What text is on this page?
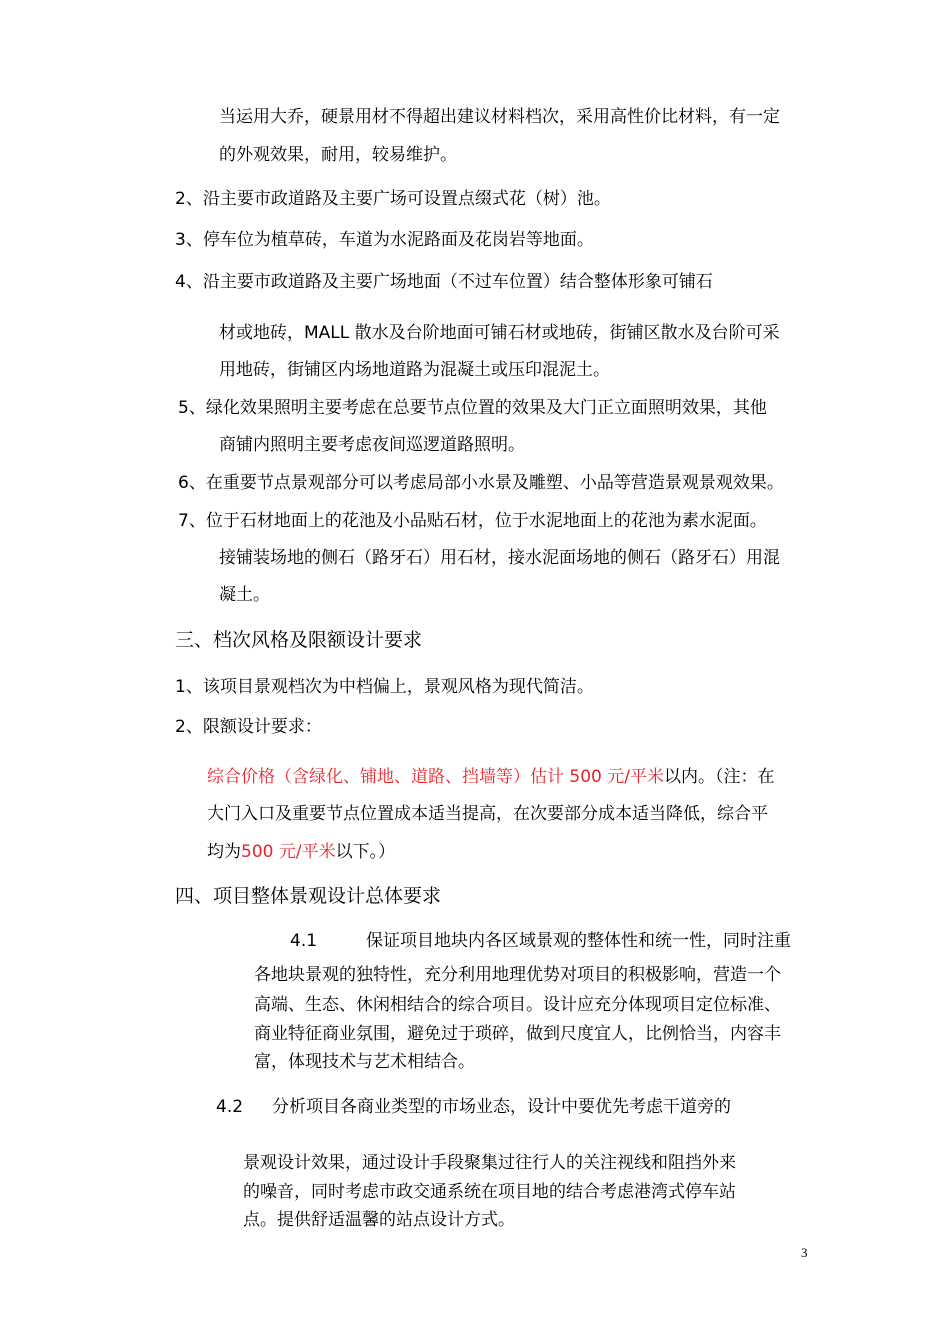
当运用大乔，硬景用材不得超出建议材料档次，采用高性价比材料，有一定
的外观效果，耐用，较易维护。
2、沿主要市政道路及主要广场可设置点缀式花（树）池。
3、停车位为植草砖，车道为水泥路面及花岗岩等地面。
4、沿主要市政道路及主要广场地面（不过车位置）结合整体形象可铺石
材或地砖，MALL 散水及台阶地面可铺石材或地砖，街铺区散水及台阶可采
用地砖，街铺区内场地道路为混凝土或压印混泥土。
5、绿化效果照明主要考虑在总要节点位置的效果及大门正立面照明效果，其他
商铺内照明主要考虑夜间巡逻道路照明。
6、在重要节点景观部分可以考虑局部小水景及雕塑、小品等营造景观景观效果。
7、位于石材地面上的花池及小品贴石材，位于水泥地面上的花池为素水泥面。
接铺装场地的侧石（路牙石）用石材，接水泥面场地的侧石（路牙石）用混
凝土。
三、档次风格及限额设计要求
1、该项目景观档次为中档偏上，景观风格为现代简洁。
2、限额设计要求：
综合价格（含绿化、铺地、道路、挡墙等）估计 500 元/平米以内。（注：在
大门入口及重要节点位置成本适当提高，在次要部分成本适当降低，综合平
均为500 元/平米以下。）
四、项目整体景观设计总体要求
4.1	保证项目地块内各区域景观的整体性和统一性，同时注重
各地块景观的独特性，充分利用地理优势对项目的积极影响，营造一个
高端、生态、休闲相结合的综合项目。设计应充分体现项目定位标准、
商业特征商业氛围，避免过于琐碎，做到尺度宜人，比例恰当，内容丰
富，体现技术与艺术相结合。
4.2 分析项目各商业类型的市场业态，设计中要优先考虑干道旁的
景观设计效果，通过设计手段聚集过往行人的关注视线和阻挡外来
的噪音，同时考虑市政交通系统在项目地的结合考虑港湾式停车站
点。提供舒适温馨的站点设计方式。
3
